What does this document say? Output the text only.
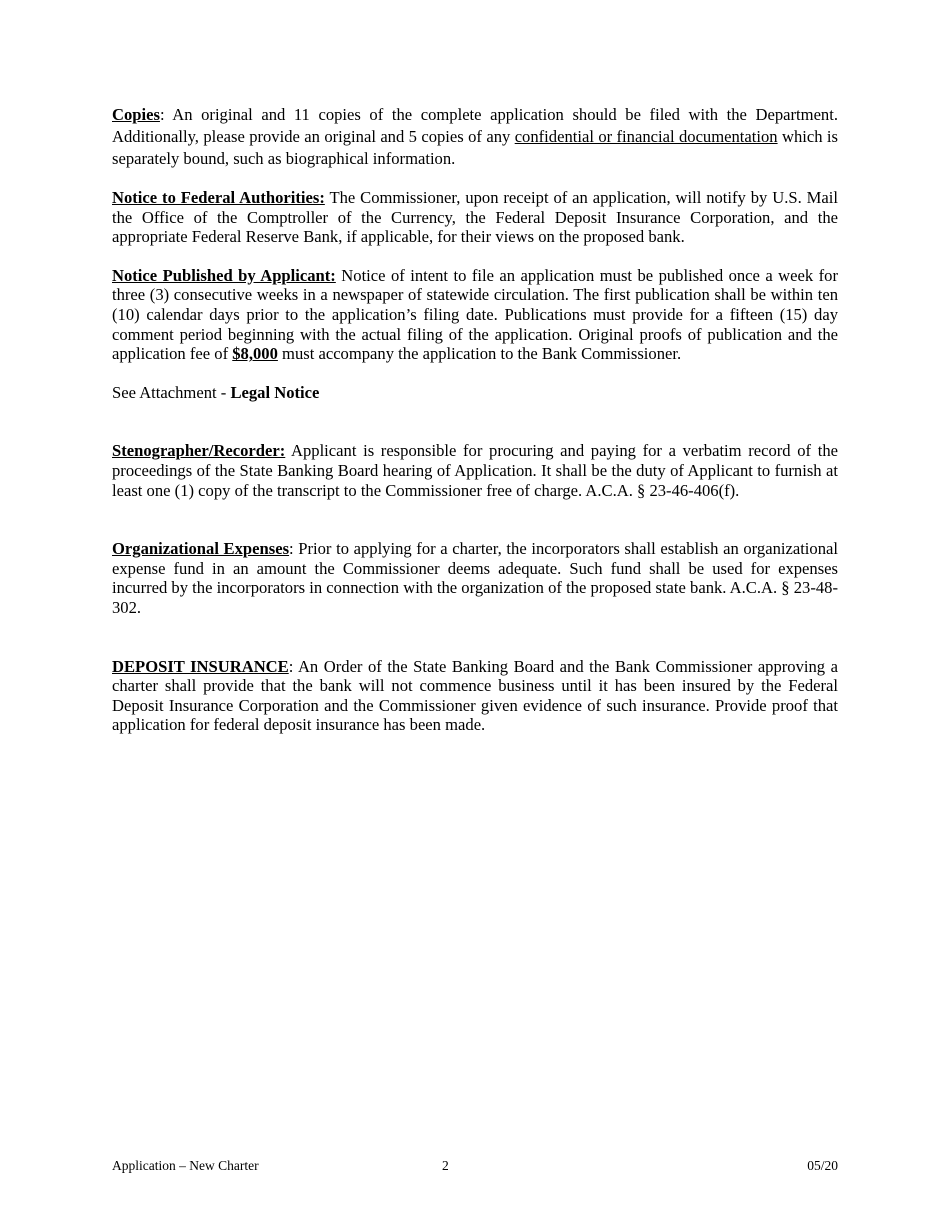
Copies: An original and 11 copies of the complete application should be filed with the Department. Additionally, please provide an original and 5 copies of any confidential or financial documentation which is separately bound, such as biographical information.

Notice to Federal Authorities: The Commissioner, upon receipt of an application, will notify by U.S. Mail the Office of the Comptroller of the Currency, the Federal Deposit Insurance Corporation, and the appropriate Federal Reserve Bank, if applicable, for their views on the proposed bank.

Notice Published by Applicant: Notice of intent to file an application must be published once a week for three (3) consecutive weeks in a newspaper of statewide circulation. The first publication shall be within ten (10) calendar days prior to the application’s filing date. Publications must provide for a fifteen (15) day comment period beginning with the actual filing of the application. Original proofs of publication and the application fee of $8,000 must accompany the application to the Bank Commissioner.

See Attachment - Legal Notice

Stenographer/Recorder: Applicant is responsible for procuring and paying for a verbatim record of the proceedings of the State Banking Board hearing of Application. It shall be the duty of Applicant to furnish at least one (1) copy of the transcript to the Commissioner free of charge. A.C.A. § 23-46-406(f).

Organizational Expenses: Prior to applying for a charter, the incorporators shall establish an organizational expense fund in an amount the Commissioner deems adequate. Such fund shall be used for expenses incurred by the incorporators in connection with the organization of the proposed state bank. A.C.A. § 23-48-302.

DEPOSIT INSURANCE: An Order of the State Banking Board and the Bank Commissioner approving a charter shall provide that the bank will not commence business until it has been insured by the Federal Deposit Insurance Corporation and the Commissioner given evidence of such insurance. Provide proof that application for federal deposit insurance has been made.

Application – New Charter	2	05/20
